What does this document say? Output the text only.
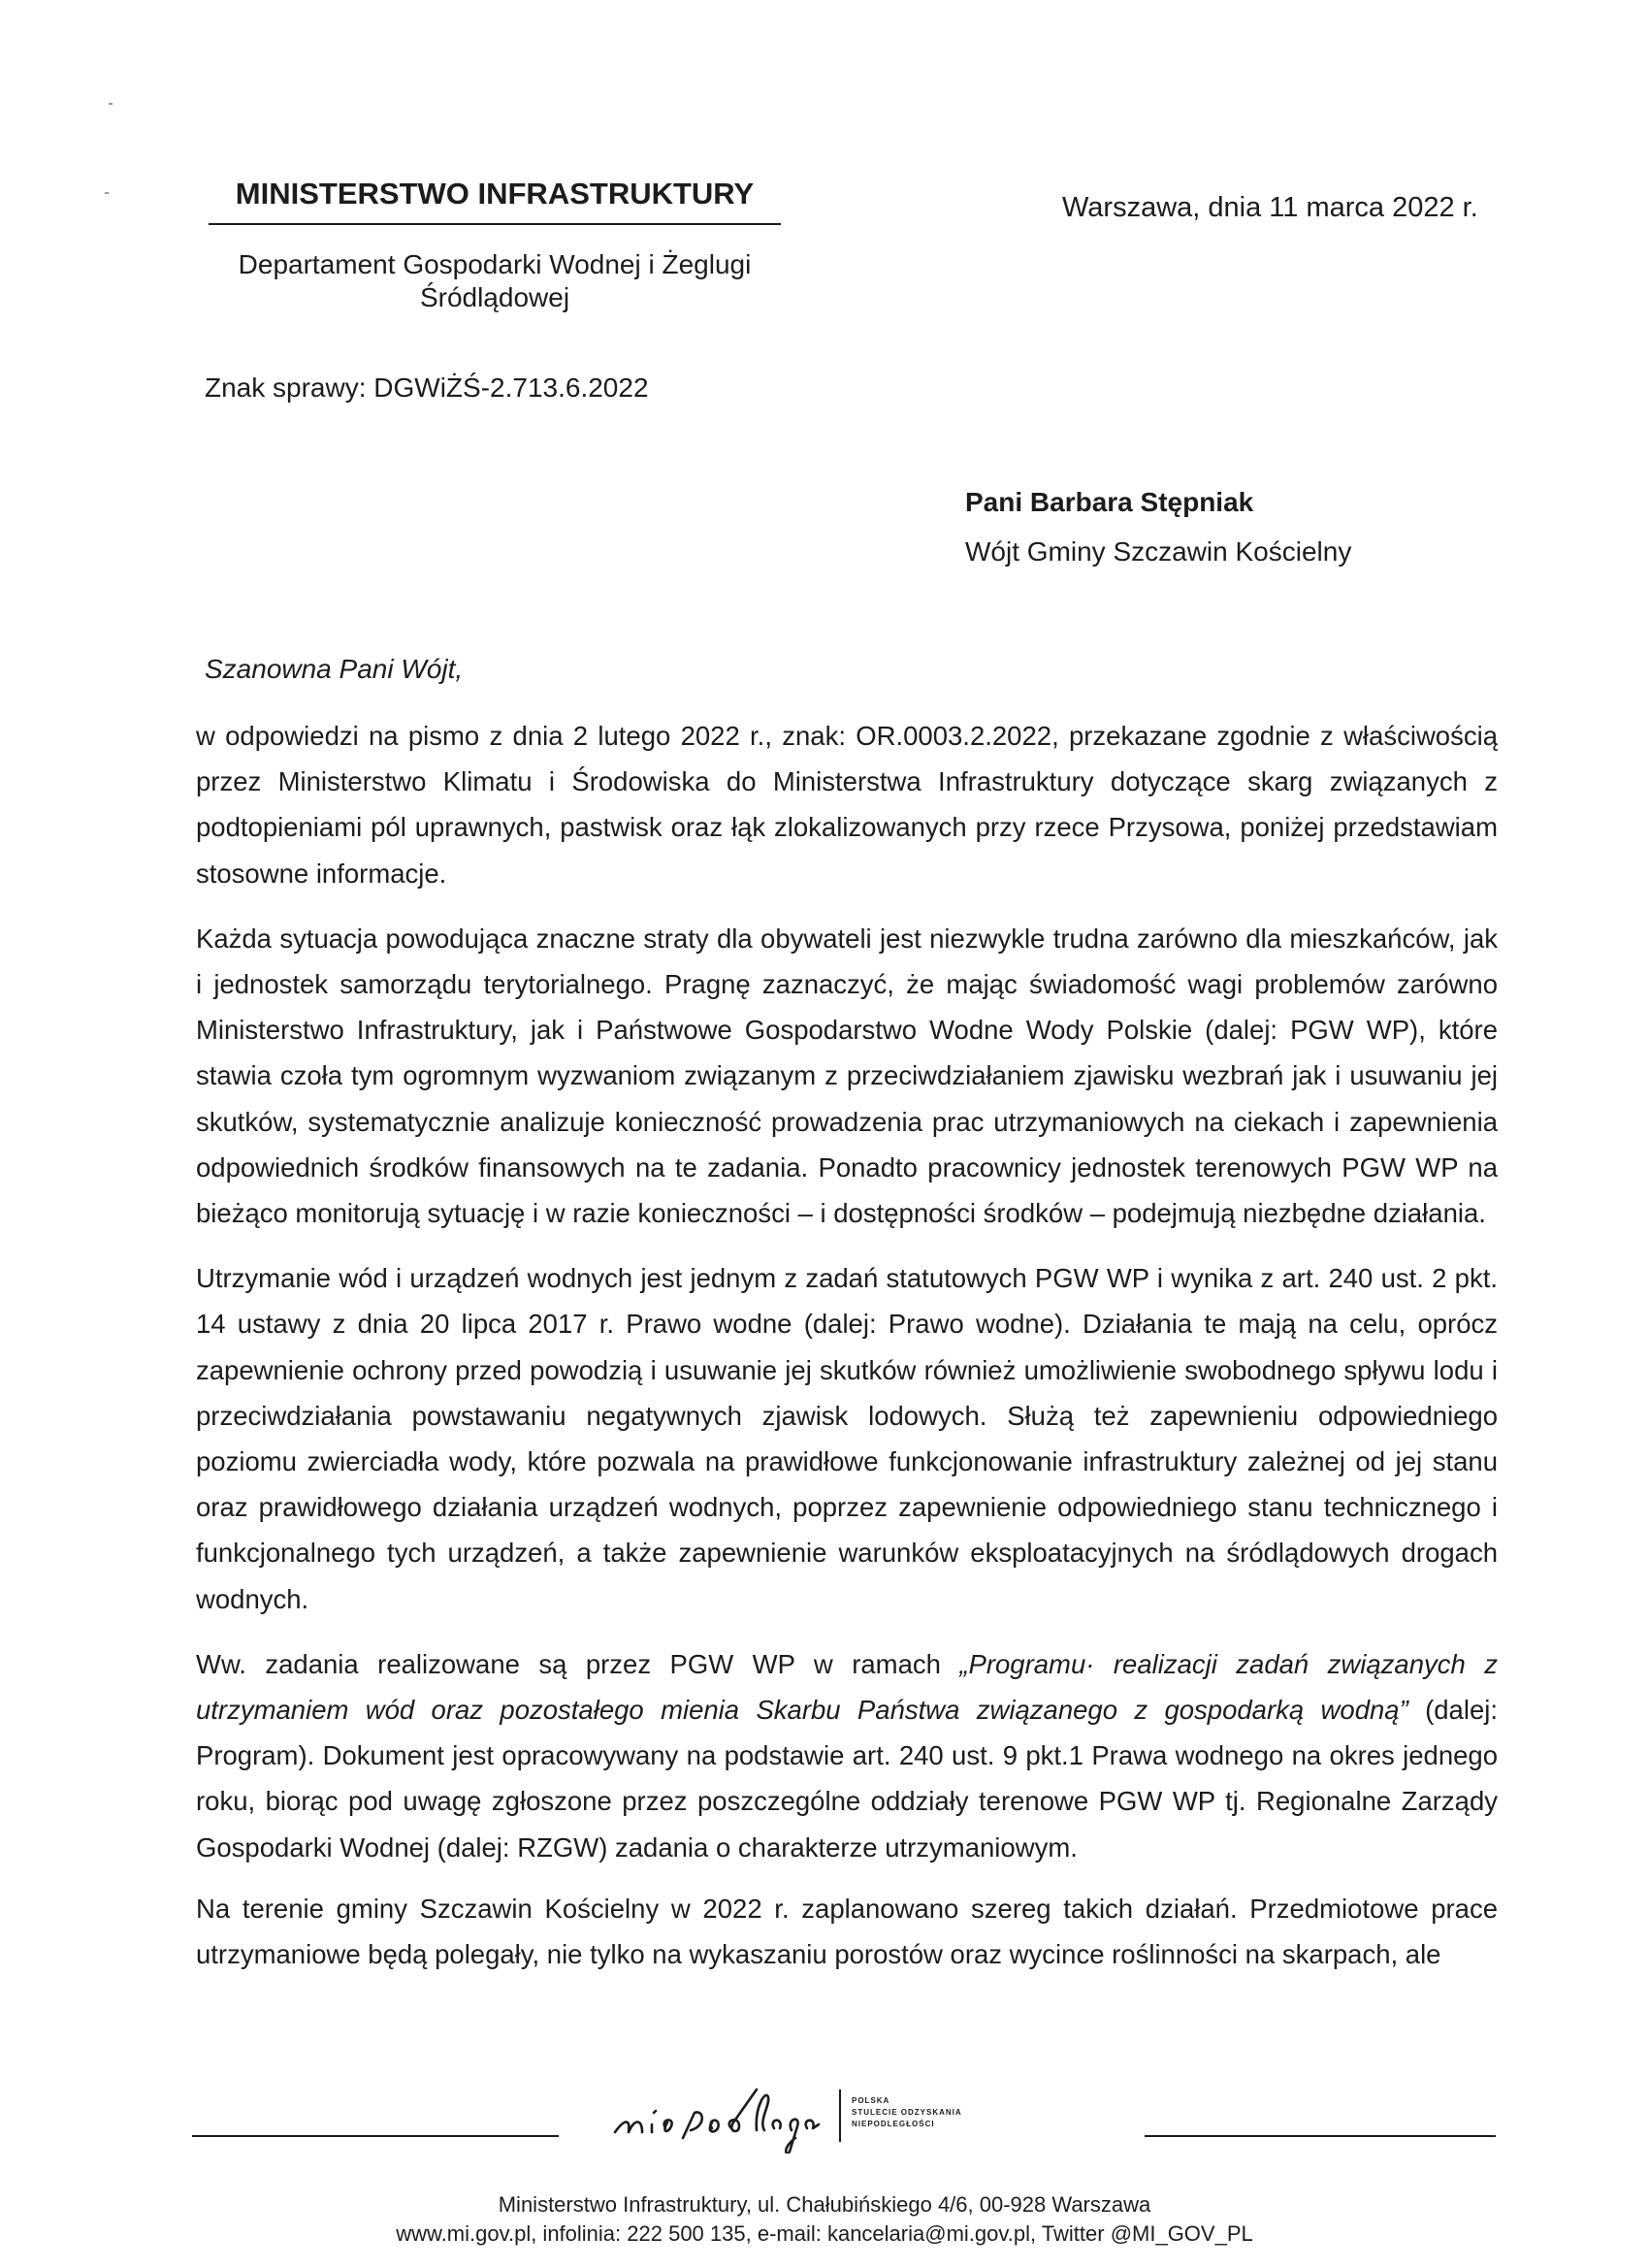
MINISTERSTWO INFRASTRUKTURY
Departament Gospodarki Wodnej i Żeglugi Śródlądowej
Warszawa, dnia 11 marca 2022 r.
Znak sprawy: DGWiŻŚ-2.713.6.2022
Pani Barbara Stępniak
Wójt Gminy Szczawin Kościelny
Szanowna Pani Wójt,

w odpowiedzi na pismo z dnia 2 lutego 2022 r., znak: OR.0003.2.2022, przekazane zgodnie z właściwością przez Ministerstwo Klimatu i Środowiska do Ministerstwa Infrastruktury dotyczące skarg związanych z podtopieniami pól uprawnych, pastwisk oraz łąk zlokalizowanych przy rzece Przysowa, poniżej przedstawiam stosowne informacje.

Każda sytuacja powodująca znaczne straty dla obywateli jest niezwykle trudna zarówno dla mieszkańców, jak i jednostek samorządu terytorialnego. Pragnę zaznaczyć, że mając świadomość wagi problemów zarówno Ministerstwo Infrastruktury, jak i Państwowe Gospodarstwo Wodne Wody Polskie (dalej: PGW WP), które stawia czoła tym ogromnym wyzwaniom związanym z przeciwdziałaniem zjawisku wezbrań jak i usuwaniu jej skutków, systematycznie analizuje konieczność prowadzenia prac utrzymaniowych na ciekach i zapewnienia odpowiednich środków finansowych na te zadania. Ponadto pracownicy jednostek terenowych PGW WP na bieżąco monitorują sytuację i w razie konieczności – i dostępności środków – podejmują niezbędne działania.

Utrzymanie wód i urządzeń wodnych jest jednym z zadań statutowych PGW WP i wynika z art. 240 ust. 2 pkt. 14 ustawy z dnia 20 lipca 2017 r. Prawo wodne (dalej: Prawo wodne). Działania te mają na celu, oprócz zapewnienie ochrony przed powodzią i usuwanie jej skutków również umożliwienie swobodnego spływu lodu i przeciwdziałania powstawaniu negatywnych zjawisk lodowych. Służą też zapewnieniu odpowiedniego poziomu zwierciadła wody, które pozwala na prawidłowe funkcjonowanie infrastruktury zależnej od jej stanu oraz prawidłowego działania urządzeń wodnych, poprzez zapewnienie odpowiedniego stanu technicznego i funkcjonalnego tych urządzeń, a także zapewnienie warunków eksploatacyjnych na śródlądowych drogach wodnych.

Ww. zadania realizowane są przez PGW WP w ramach „Programu· realizacji zadań związanych z utrzymaniem wód oraz pozostałego mienia Skarbu Państwa związanego z gospodarką wodną” (dalej: Program). Dokument jest opracowywany na podstawie art. 240 ust. 9 pkt.1 Prawa wodnego na okres jednego roku, biorąc pod uwagę zgłoszone przez poszczególne oddziały terenowe PGW WP tj. Regionalne Zarządy Gospodarki Wodnej (dalej: RZGW) zadania o charakterze utrzymaniowym.

Na terenie gminy Szczawin Kościelny w 2022 r. zaplanowano szereg takich działań. Przedmiotowe prace utrzymaniowe będą polegały, nie tylko na wykaszaniu porostów oraz wycince roślinności na skarpach, ale

POLSKA
STULECIE ODZYSKANIA
NIEPODLEGŁOŚCI
Ministerstwo Infrastruktury, ul. Chałubińskiego 4/6, 00-928 Warszawa
www.mi.gov.pl, infolinia: 222 500 135, e-mail: kancelaria@mi.gov.pl, Twitter @MI_GOV_PL
